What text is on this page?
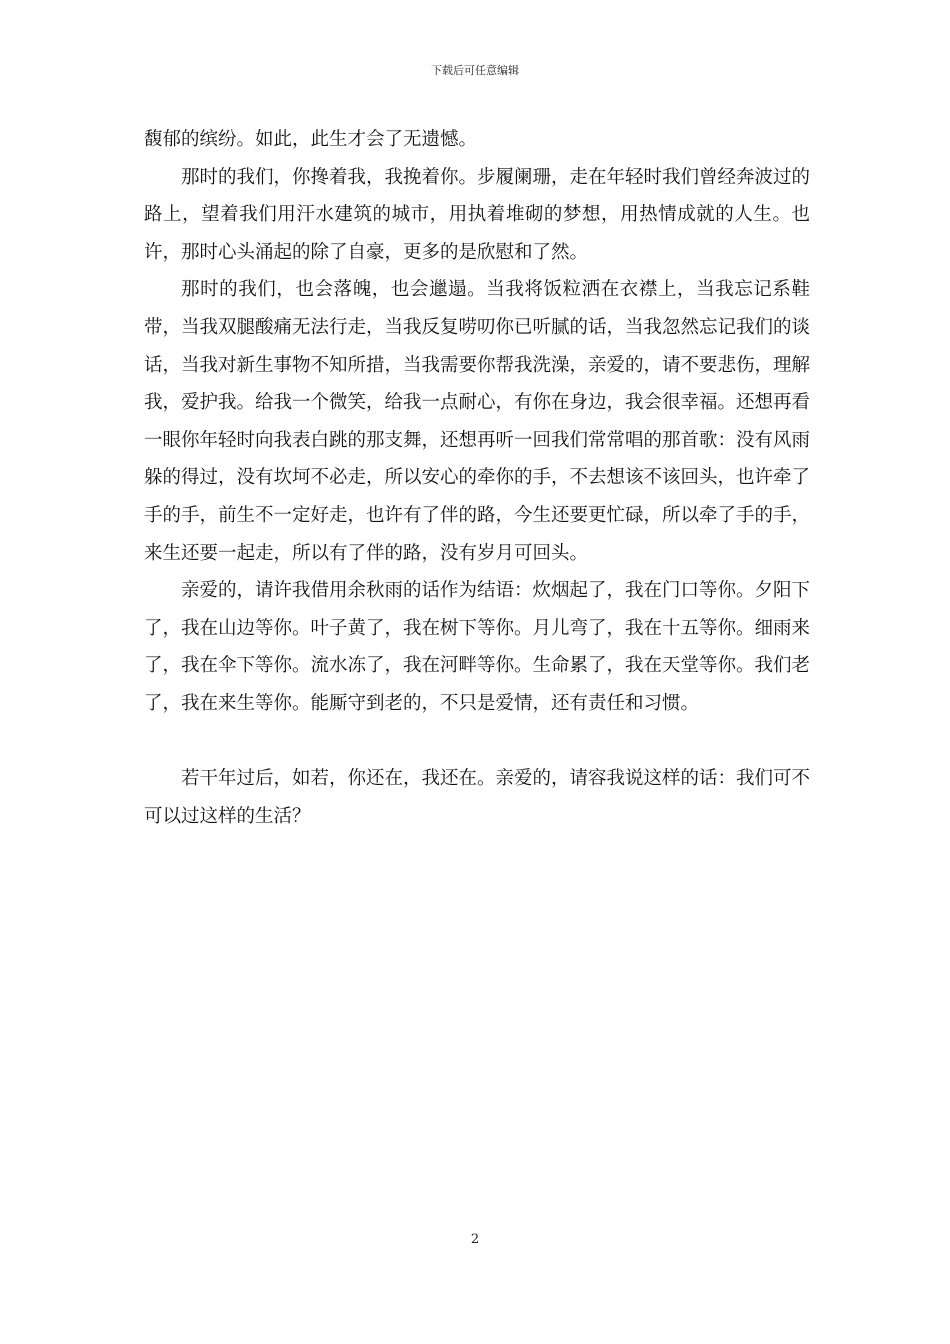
下载后可任意编辑

馥郁的缤纷。如此，此生才会了无遗憾。

那时的我们，你搀着我，我挽着你。步履阑珊，走在年轻时我们曾经奔波过的路上，望着我们用汗水建筑的城市，用执着堆砌的梦想，用热情成就的人生。也许，那时心头涌起的除了自豪，更多的是欣慰和了然。

那时的我们，也会落魄，也会邋遢。当我将饭粒洒在衣襟上，当我忘记系鞋带，当我双腿酸痛无法行走，当我反复唠叨你已听腻的话，当我忽然忘记我们的谈话，当我对新生事物不知所措，当我需要你帮我洗澡，亲爱的，请不要悲伤，理解我，爱护我。给我一个微笑，给我一点耐心，有你在身边，我会很幸福。还想再看一眼你年轻时向我表白跳的那支舞，还想再听一回我们常常唱的那首歌：没有风雨躲的得过，没有坎坷不必走，所以安心的牵你的手，不去想该不该回头，也许牵了手的手，前生不一定好走，也许有了伴的路，今生还要更忙碌，所以牵了手的手，来生还要一起走，所以有了伴的路，没有岁月可回头。

亲爱的，请许我借用余秋雨的话作为结语：炊烟起了，我在门口等你。夕阳下了，我在山边等你。叶子黄了，我在树下等你。月儿弯了，我在十五等你。细雨来了，我在伞下等你。流水冻了，我在河畔等你。生命累了，我在天堂等你。我们老了，我在来生等你。能厮守到老的，不只是爱情，还有责任和习惯。

若干年过后，如若，你还在，我还在。亲爱的，请容我说这样的话：我们可不可以过这样的生活？

2
